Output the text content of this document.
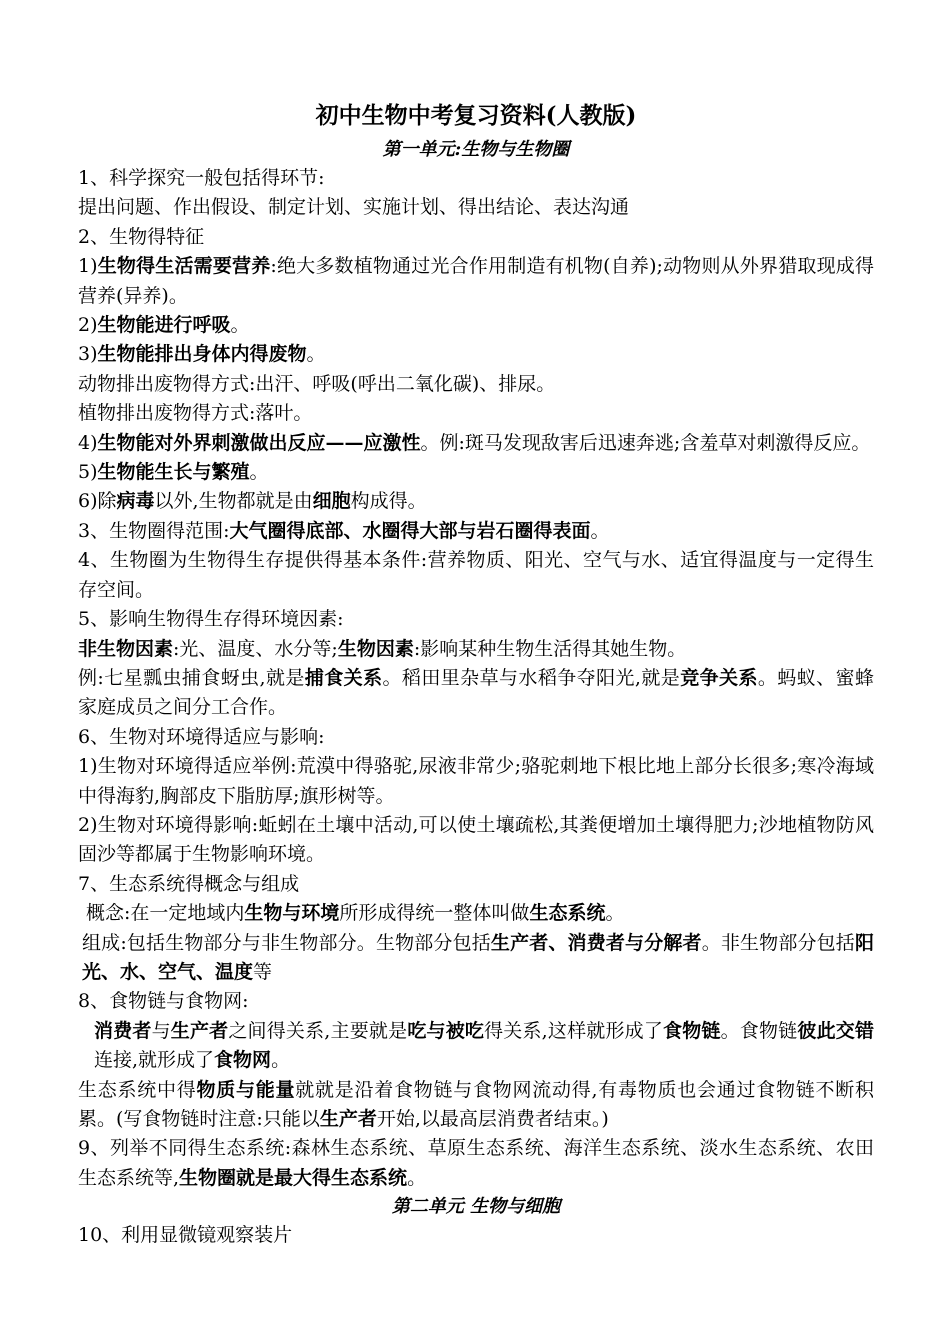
初中生物中考复习资料(人教版)
第一单元:生物与生物圈

1、科学探究一般包括得环节:

提出问题、作出假设、制定计划、实施计划、得出结论、表达沟通

2、生物得特征

1)生物得生活需要营养:绝大多数植物通过光合作用制造有机物(自养);动物则从外界猎取现成得营养(异养)。

2)生物能进行呼吸。

3)生物能排出身体内得废物。

动物排出废物得方式:出汗、呼吸(呼出二氧化碳)、排尿。

植物排出废物得方式:落叶。

4)生物能对外界刺激做出反应——应激性。例:斑马发现敌害后迅速奔逃;含羞草对刺激得反应。

5)生物能生长与繁殖。

6)除病毒以外,生物都就是由细胞构成得。

3、生物圈得范围:大气圈得底部、水圈得大部与岩石圈得表面。

4、生物圈为生物得生存提供得基本条件:营养物质、阳光、空气与水、适宜得温度与一定得生存空间。

5、影响生物得生存得环境因素:

非生物因素:光、温度、水分等;生物因素:影响某种生物生活得其她生物。

例:七星瓢虫捕食蚜虫,就是捕食关系。稻田里杂草与水稻争夺阳光,就是竞争关系。蚂蚁、蜜蜂家庭成员之间分工合作。

6、生物对环境得适应与影响:

1)生物对环境得适应举例:荒漠中得骆驼,尿液非常少;骆驼刺地下根比地上部分长很多;寒冷海域中得海豹,胸部皮下脂肪厚;旗形树等。

2)生物对环境得影响:蚯蚓在土壤中活动,可以使土壤疏松,其粪便增加土壤得肥力;沙地植物防风固沙等都属于生物影响环境。

7、生态系统得概念与组成

概念:在一定地域内生物与环境所形成得统一整体叫做生态系统。

组成:包括生物部分与非生物部分。生物部分包括生产者、消费者与分解者。非生物部分包括阳光、水、空气、温度等

8、食物链与食物网:

消费者与生产者之间得关系,主要就是吃与被吃得关系,这样就形成了食物链。食物链彼此交错连接,就形成了食物网。

生态系统中得物质与能量就就是沿着食物链与食物网流动得,有毒物质也会通过食物链不断积累。(写食物链时注意:只能以生产者开始,以最高层消费者结束。)

9、列举不同得生态系统:森林生态系统、草原生态系统、海洋生态系统、淡水生态系统、农田生态系统等,生物圈就是最大得生态系统。

第二单元 生物与细胞

10、利用显微镜观察装片
